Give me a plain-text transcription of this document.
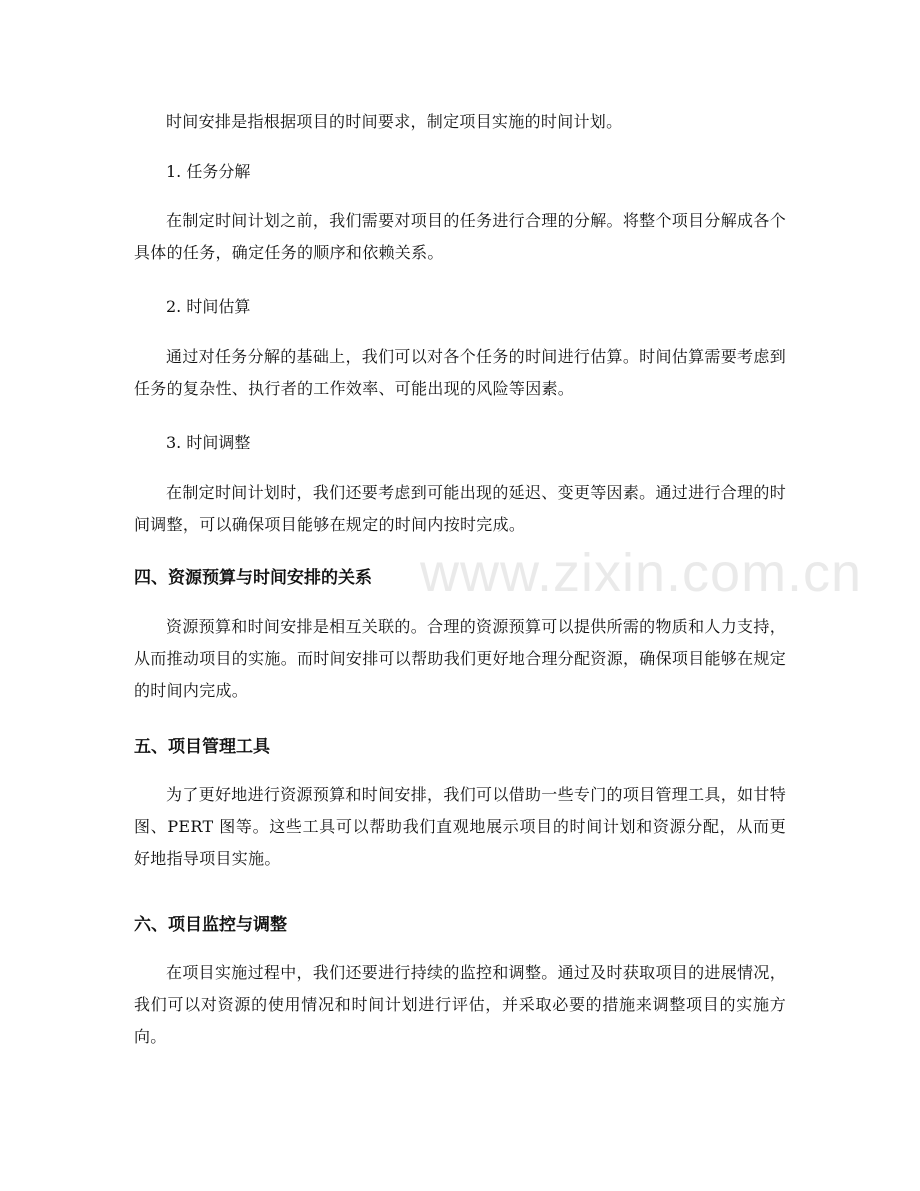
www.zixin.com.cn

时间安排是指根据项目的时间要求，制定项目实施的时间计划。

1. 任务分解

在制定时间计划之前，我们需要对项目的任务进行合理的分解。将整个项目分解成各个具体的任务，确定任务的顺序和依赖关系。

2. 时间估算

通过对任务分解的基础上，我们可以对各个任务的时间进行估算。时间估算需要考虑到任务的复杂性、执行者的工作效率、可能出现的风险等因素。

3. 时间调整

在制定时间计划时，我们还要考虑到可能出现的延迟、变更等因素。通过进行合理的时间调整，可以确保项目能够在规定的时间内按时完成。

四、资源预算与时间安排的关系

资源预算和时间安排是相互关联的。合理的资源预算可以提供所需的物质和人力支持，从而推动项目的实施。而时间安排可以帮助我们更好地合理分配资源，确保项目能够在规定的时间内完成。

五、项目管理工具

为了更好地进行资源预算和时间安排，我们可以借助一些专门的项目管理工具，如甘特图、PERT 图等。这些工具可以帮助我们直观地展示项目的时间计划和资源分配，从而更好地指导项目实施。

六、项目监控与调整

在项目实施过程中，我们还要进行持续的监控和调整。通过及时获取项目的进展情况，我们可以对资源的使用情况和时间计划进行评估，并采取必要的措施来调整项目的实施方向。
